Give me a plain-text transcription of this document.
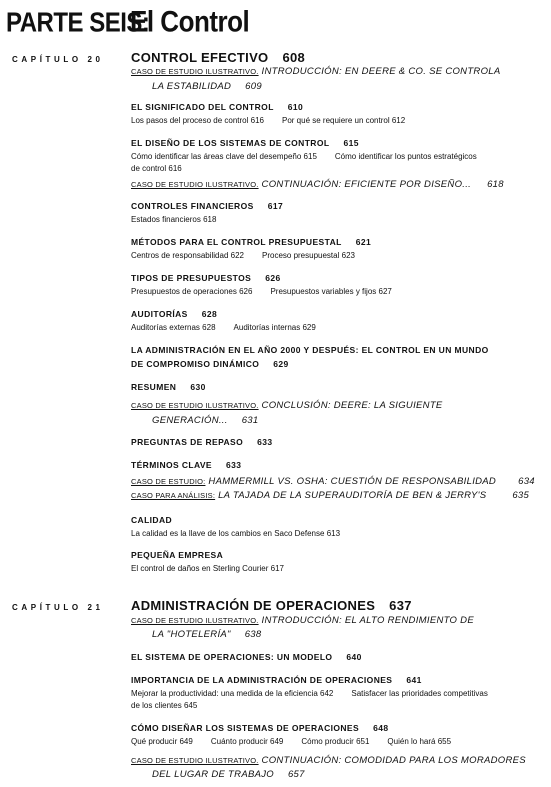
PARTE SEIS:El Control
CAPÍTULO 20 CONTROL EFECTIVO 608
CASO DE ESTUDIO ILUSTRATIVO. INTRODUCCIÓN: EN DEERE & CO. SE CONTROLA
LA ESTABILIDAD 609
EL SIGNIFICADO DEL CONTROL 610
Los pasos del proceso de control 616 Por qué se requiere un control 612
EL DISEÑO DE LOS SISTEMAS DE CONTROL 615
Cómo identificar las áreas clave del desempeño 615 Cómo identificar los puntos estratégicos
de control 616
CASO DE ESTUDIO ILUSTRATIVO. CONTINUACIÓN: EFICIENTE POR DISEÑO... 618
CONTROLES FINANCIEROS 617
Estados financieros 618
MÉTODOS PARA EL CONTROL PRESUPUESTAL 621
Centros de responsabilidad 622 Proceso presupuestal 623
TIPOS DE PRESUPUESTOS 626
Presupuestos de operaciones 626 Presupuestos variables y fijos 627
AUDITORÍAS 628
Auditorías externas 628 Auditorías internas 629
LA ADMINISTRACIÓN EN EL AÑO 2000 Y DESPUÉS: EL CONTROL EN UN MUNDO
DE COMPROMISO DINÁMICO 629
RESUMEN 630
CASO DE ESTUDIO ILUSTRATIVO. CONCLUSIÓN: DEERE: LA SIGUIENTE
GENERACIÓN... 631
PREGUNTAS DE REPASO 633
TÉRMINOS CLAVE 633
CASO DE ESTUDIO: HAMMERMILL VS. OSHA: CUESTIÓN DE RESPONSABILIDAD 634
CASO PARA ANÁLISIS: LA TAJADA DE LA SUPERAUDITORÍA DE BEN & JERRY'S	635
CALIDAD
La calidad es la llave de los cambios en Saco Defense 613
PEQUEÑA EMPRESA
El control de daños en Sterling Courier 617
CAPÍTULO 21 ADMINISTRACIÓN DE OPERACIONES 637
CASO DE ESTUDIO ILUSTRATIVO. INTRODUCCIÓN: EL ALTO RENDIMIENTO DE
LA "HOTELERÍA" 638
EL SISTEMA DE OPERACIONES: UN MODELO 640
IMPORTANCIA DE LA ADMINISTRACIÓN DE OPERACIONES 641
Mejorar la productividad: una medida de la eficiencia 642 Satisfacer las prioridades competitivas
de los clientes 645
CÓMO DISEÑAR LOS SISTEMAS DE OPERACIONES 648
Qué producir 649 Cuánto producir 649 Cómo producir 651 Quién lo hará 655
CASO DE ESTUDIO ILUSTRATIVO. CONTINUACIÓN: COMODIDAD PARA LOS MORADORES
DEL LUGAR DE TRABAJO 657
